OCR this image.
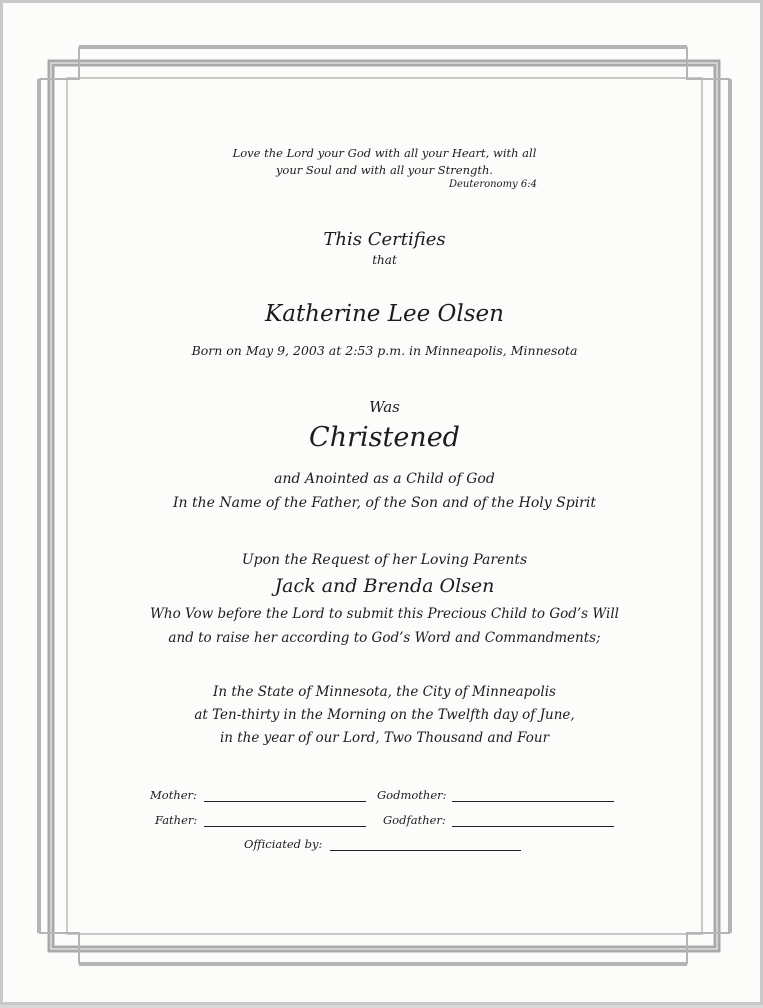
Love the Lord your God with all your Heart, with all
your Soul and with all your Strength.
Deuteronomy 6:4
This Certifies
that
Katherine Lee Olsen
Born on May 9, 2003 at 2:53 p.m. in Minneapolis, Minnesota
Was
Christened
and Anointed as a Child of God
In the Name of the Father, of the Son and of the Holy Spirit
Upon the Request of her Loving Parents
Jack and Brenda Olsen
Who Vow before the Lord to submit this Precious Child to God’s Will
and to raise her according to God’s Word and Commandments;
In the State of Minnesota, the City of Minneapolis
at Ten-thirty in the Morning on the Twelfth day of June,
in the year of our Lord, Two Thousand and Four
Mother:	Godmother:
Father:	Godfather:
Officiated by:
